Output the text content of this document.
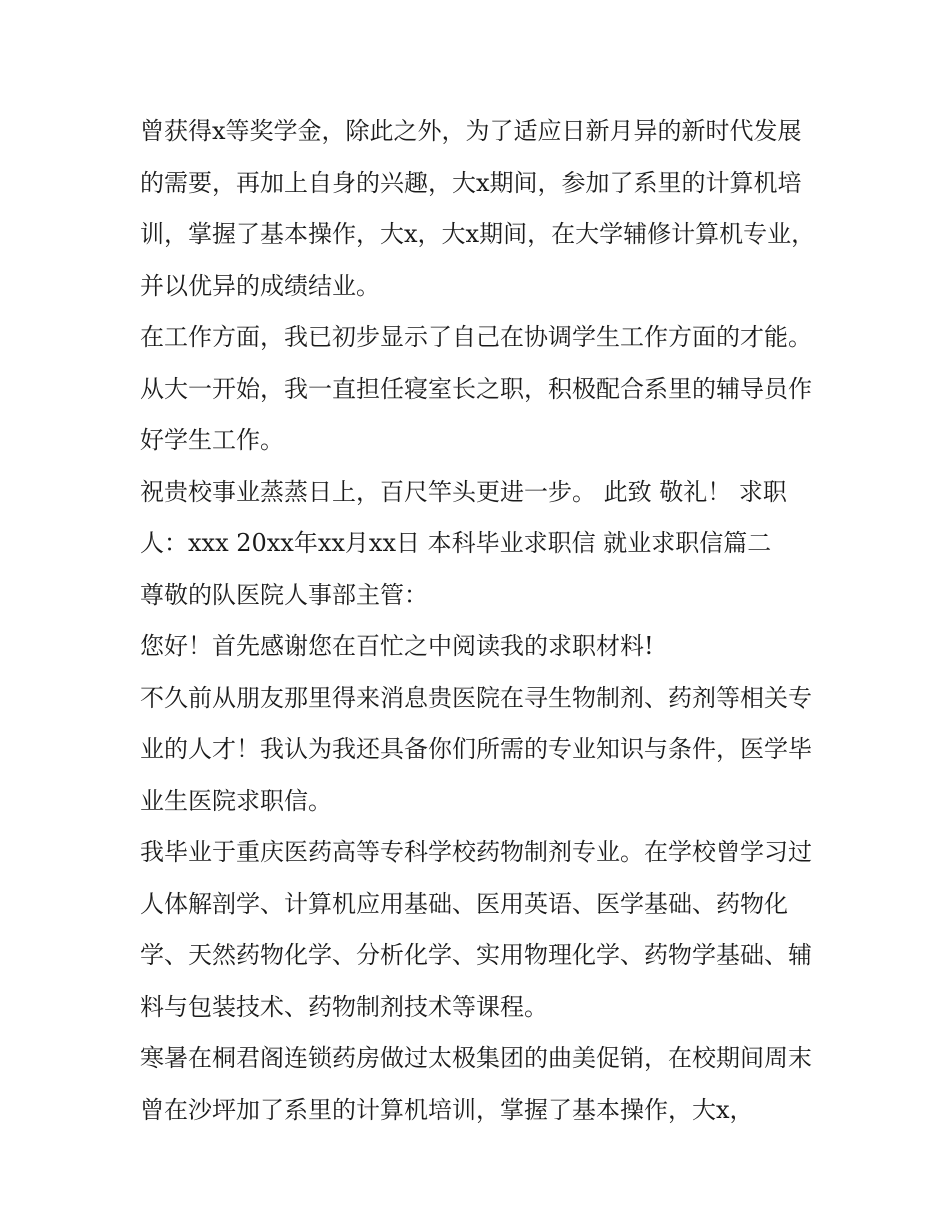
曾获得x等奖学金，除此之外，为了适应日新月异的新时代发展的需要，再加上自身的兴趣，大x期间，参加了系里的计算机培训，掌握了基本操作，大x，大x期间，在大学辅修计算机专业，并以优异的成绩结业。

在工作方面，我已初步显示了自己在协调学生工作方面的才能。从大一开始，我一直担任寝室长之职，积极配合系里的辅导员作好学生工作。

祝贵校事业蒸蒸日上，百尺竿头更进一步。 此致 敬礼！ 求职人：xxx 20xx年xx月xx日 本科毕业求职信 就业求职信篇二

尊敬的队医院人事部主管：

您好！首先感谢您在百忙之中阅读我的求职材料!

不久前从朋友那里得来消息贵医院在寻生物制剂、药剂等相关专业的人才！我认为我还具备你们所需的专业知识与条件，医学毕业生医院求职信。

我毕业于重庆医药高等专科学校药物制剂专业。在学校曾学习过人体解剖学、计算机应用基础、医用英语、医学基础、药物化学、天然药物化学、分析化学、实用物理化学、药物学基础、辅料与包装技术、药物制剂技术等课程。

寒暑在桐君阁连锁药房做过太极集团的曲美促销，在校期间周末曾在沙坪加了系里的计算机培训，掌握了基本操作，大x，
